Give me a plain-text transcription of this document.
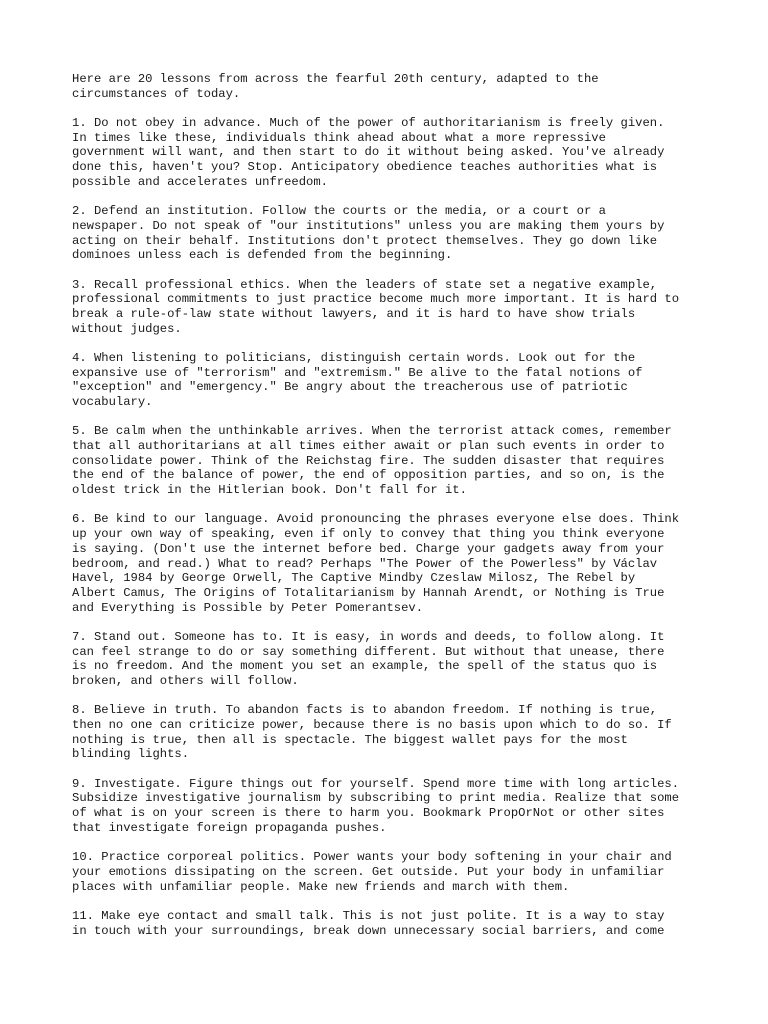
Here are 20 lessons from across the fearful 20th century, adapted to the
circumstances of today.
1. Do not obey in advance. Much of the power of authoritarianism is freely given.
In times like these, individuals think ahead about what a more repressive
government will want, and then start to do it without being asked. You've already
done this, haven't you? Stop. Anticipatory obedience teaches authorities what is
possible and accelerates unfreedom.
2. Defend an institution. Follow the courts or the media, or a court or a
newspaper. Do not speak of "our institutions" unless you are making them yours by
acting on their behalf. Institutions don't protect themselves. They go down like
dominoes unless each is defended from the beginning.
3. Recall professional ethics. When the leaders of state set a negative example,
professional commitments to just practice become much more important. It is hard to
break a rule-of-law state without lawyers, and it is hard to have show trials
without judges.
4. When listening to politicians, distinguish certain words. Look out for the
expansive use of "terrorism" and "extremism." Be alive to the fatal notions of
"exception" and "emergency." Be angry about the treacherous use of patriotic
vocabulary.
5. Be calm when the unthinkable arrives. When the terrorist attack comes, remember
that all authoritarians at all times either await or plan such events in order to
consolidate power. Think of the Reichstag fire. The sudden disaster that requires
the end of the balance of power, the end of opposition parties, and so on, is the
oldest trick in the Hitlerian book. Don't fall for it.
6. Be kind to our language. Avoid pronouncing the phrases everyone else does. Think
up your own way of speaking, even if only to convey that thing you think everyone
is saying. (Don't use the internet before bed. Charge your gadgets away from your
bedroom, and read.) What to read? Perhaps "The Power of the Powerless" by Václav
Havel, 1984 by George Orwell, The Captive Mindby Czeslaw Milosz, The Rebel by
Albert Camus, The Origins of Totalitarianism by Hannah Arendt, or Nothing is True
and Everything is Possible by Peter Pomerantsev.
7. Stand out. Someone has to. It is easy, in words and deeds, to follow along. It
can feel strange to do or say something different. But without that unease, there
is no freedom. And the moment you set an example, the spell of the status quo is
broken, and others will follow.
8. Believe in truth. To abandon facts is to abandon freedom. If nothing is true,
then no one can criticize power, because there is no basis upon which to do so. If
nothing is true, then all is spectacle. The biggest wallet pays for the most
blinding lights.
9. Investigate. Figure things out for yourself. Spend more time with long articles.
Subsidize investigative journalism by subscribing to print media. Realize that some
of what is on your screen is there to harm you. Bookmark PropOrNot or other sites
that investigate foreign propaganda pushes.
10. Practice corporeal politics. Power wants your body softening in your chair and
your emotions dissipating on the screen. Get outside. Put your body in unfamiliar
places with unfamiliar people. Make new friends and march with them.
11. Make eye contact and small talk. This is not just polite. It is a way to stay
in touch with your surroundings, break down unnecessary social barriers, and come
